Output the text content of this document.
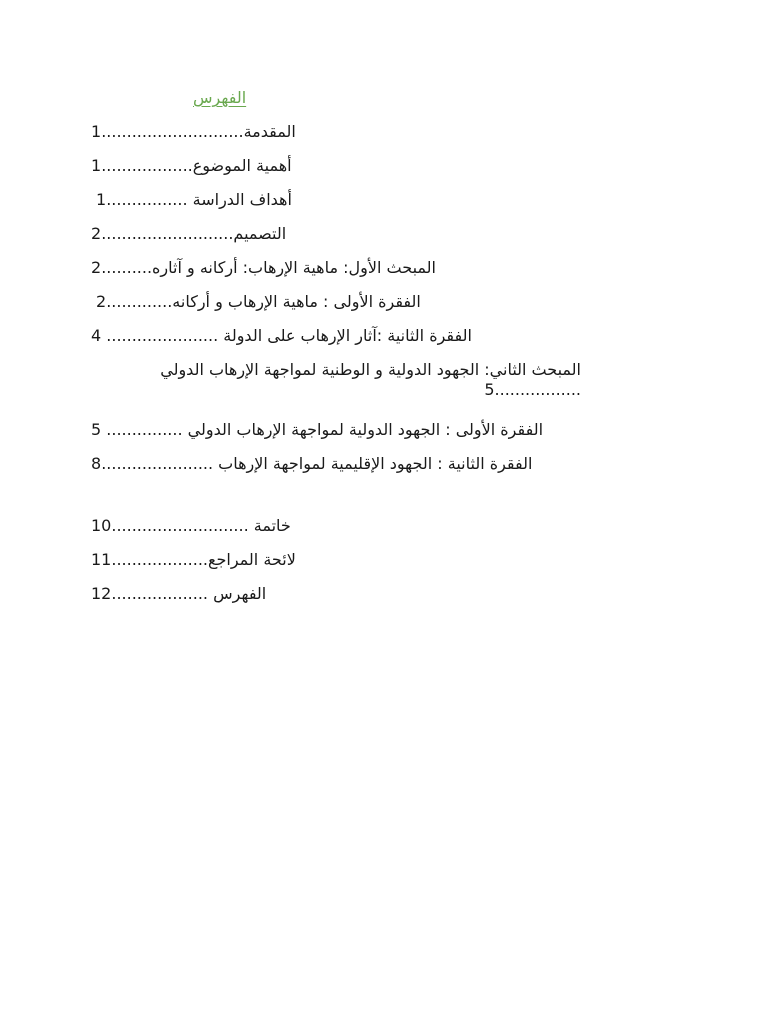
الفهرس
المقدمة............................1
أهمية الموضوع..................1
أهداف الدراسة ................1
التصميم..........................2
المبحث الأول: ماهية الإرهاب: أركانه و آثاره..........2
الفقرة الأولى : ماهية الإرهاب و أركانه.............2
الفقرة الثانية :آثار الإرهاب على الدولة ...................... 4
المبحث الثاني: الجهود الدولية و الوطنية لمواجهة الإرهاب الدولي .................5
الفقرة الأولى : الجهود الدولية لمواجهة الإرهاب الدولي ............... 5
الفقرة الثانية : الجهود الإقليمية لمواجهة الإرهاب ......................8
خاتمة ...........................10
لائحة المراجع...................11
الفهرس ...................12
